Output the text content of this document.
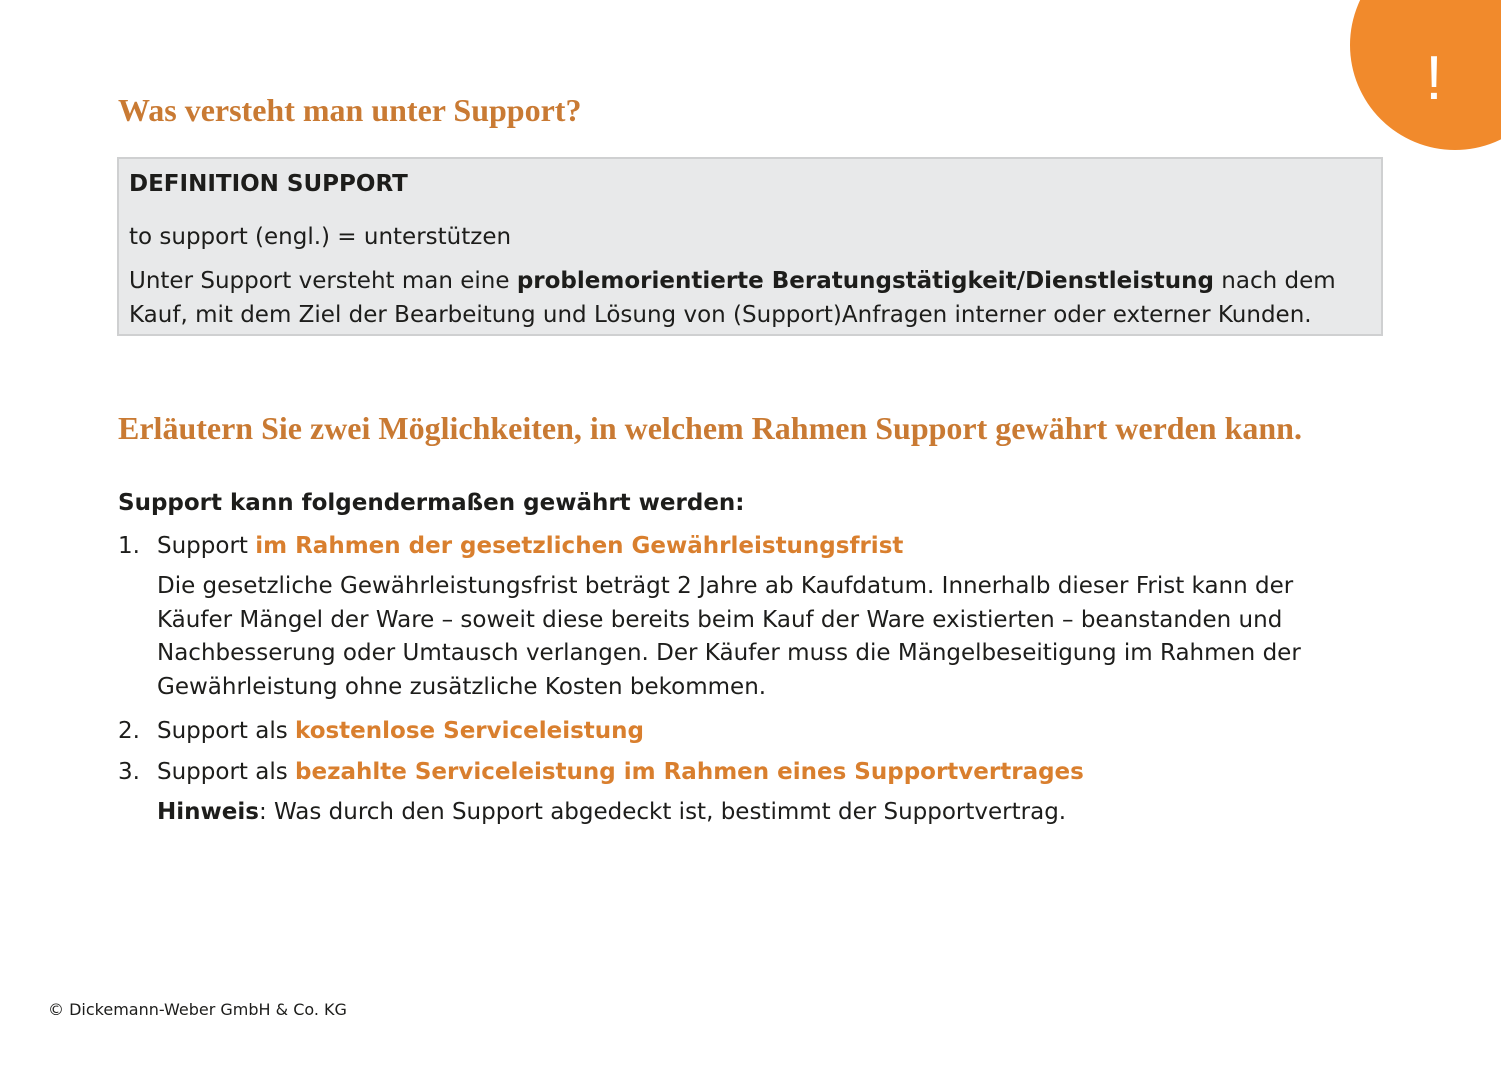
!
Was versteht man unter Support?
DEFINITION SUPPORT
to support (engl.) = unterstützen
Unter Support versteht man eine problemorientierte Beratungstätigkeit/Dienstleistung nach dem Kauf, mit dem Ziel der Bearbeitung und Lösung von (Support)Anfragen interner oder externer Kunden.
Erläutern Sie zwei Möglichkeiten, in welchem Rahmen Support gewährt werden kann.
Support kann folgendermaßen gewährt werden:
1. Support im Rahmen der gesetzlichen Gewährleistungsfrist
Die gesetzliche Gewährleistungsfrist beträgt 2 Jahre ab Kaufdatum. Innerhalb dieser Frist kann der Käufer Mängel der Ware – soweit diese bereits beim Kauf der Ware existierten – beanstanden und Nachbesserung oder Umtausch verlangen. Der Käufer muss die Mängelbeseitigung im Rahmen der Gewährleistung ohne zusätzliche Kosten bekommen.
2. Support als kostenlose Serviceleistung
3. Support als bezahlte Serviceleistung im Rahmen eines Supportvertrages
Hinweis: Was durch den Support abgedeckt ist, bestimmt der Supportvertrag.
© Dickemann-Weber GmbH & Co. KG
